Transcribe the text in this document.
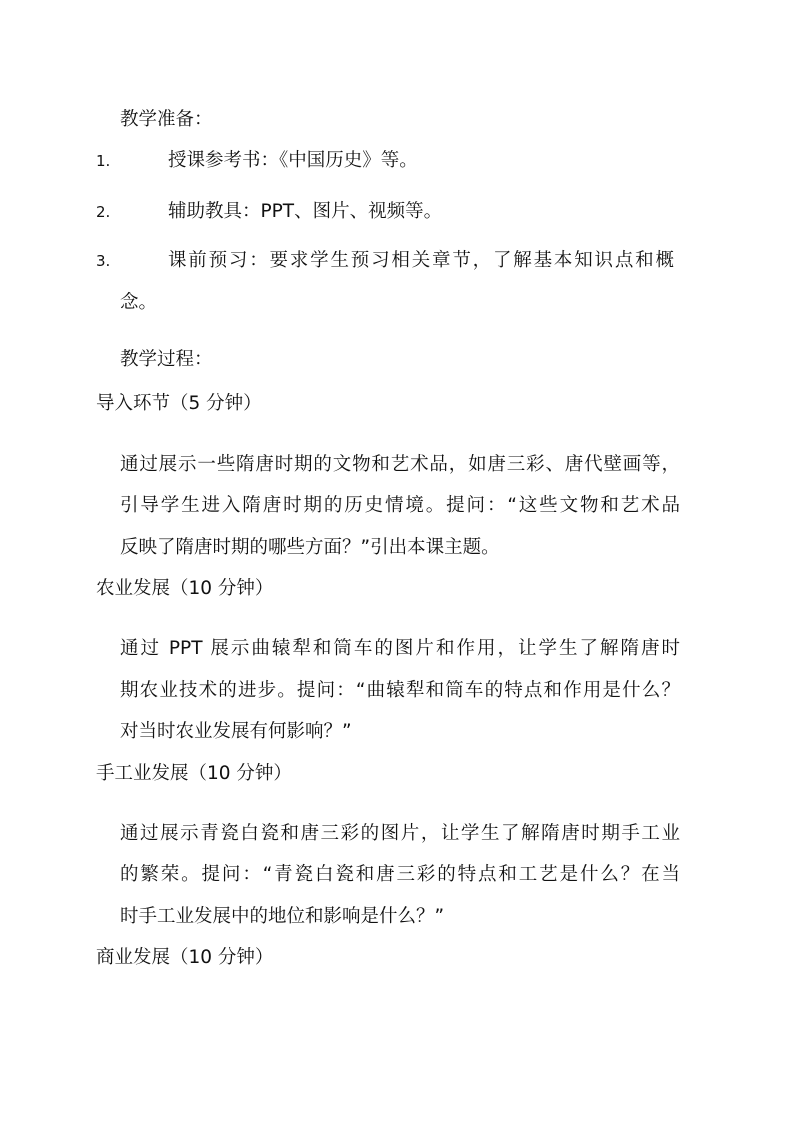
教学准备：
1.	授课参考书：《中国历史》等。
2.	辅助教具：PPT、图片、视频等。
3.	课前预习：要求学生预习相关章节，了解基本知识点和概
念。
教学过程：
导入环节（5 分钟）
通过展示一些隋唐时期的文物和艺术品，如唐三彩、唐代壁画等，
引导学生进入隋唐时期的历史情境。提问：“这些文物和艺术品
反映了隋唐时期的哪些方面？”引出本课主题。
农业发展（10 分钟）
通过 PPT 展示曲辕犁和筒车的图片和作用，让学生了解隋唐时
期农业技术的进步。提问：“曲辕犁和筒车的特点和作用是什么？
对当时农业发展有何影响？”
手工业发展（10 分钟）
通过展示青瓷白瓷和唐三彩的图片，让学生了解隋唐时期手工业
的繁荣。提问：“青瓷白瓷和唐三彩的特点和工艺是什么？在当
时手工业发展中的地位和影响是什么？”
商业发展（10 分钟）
